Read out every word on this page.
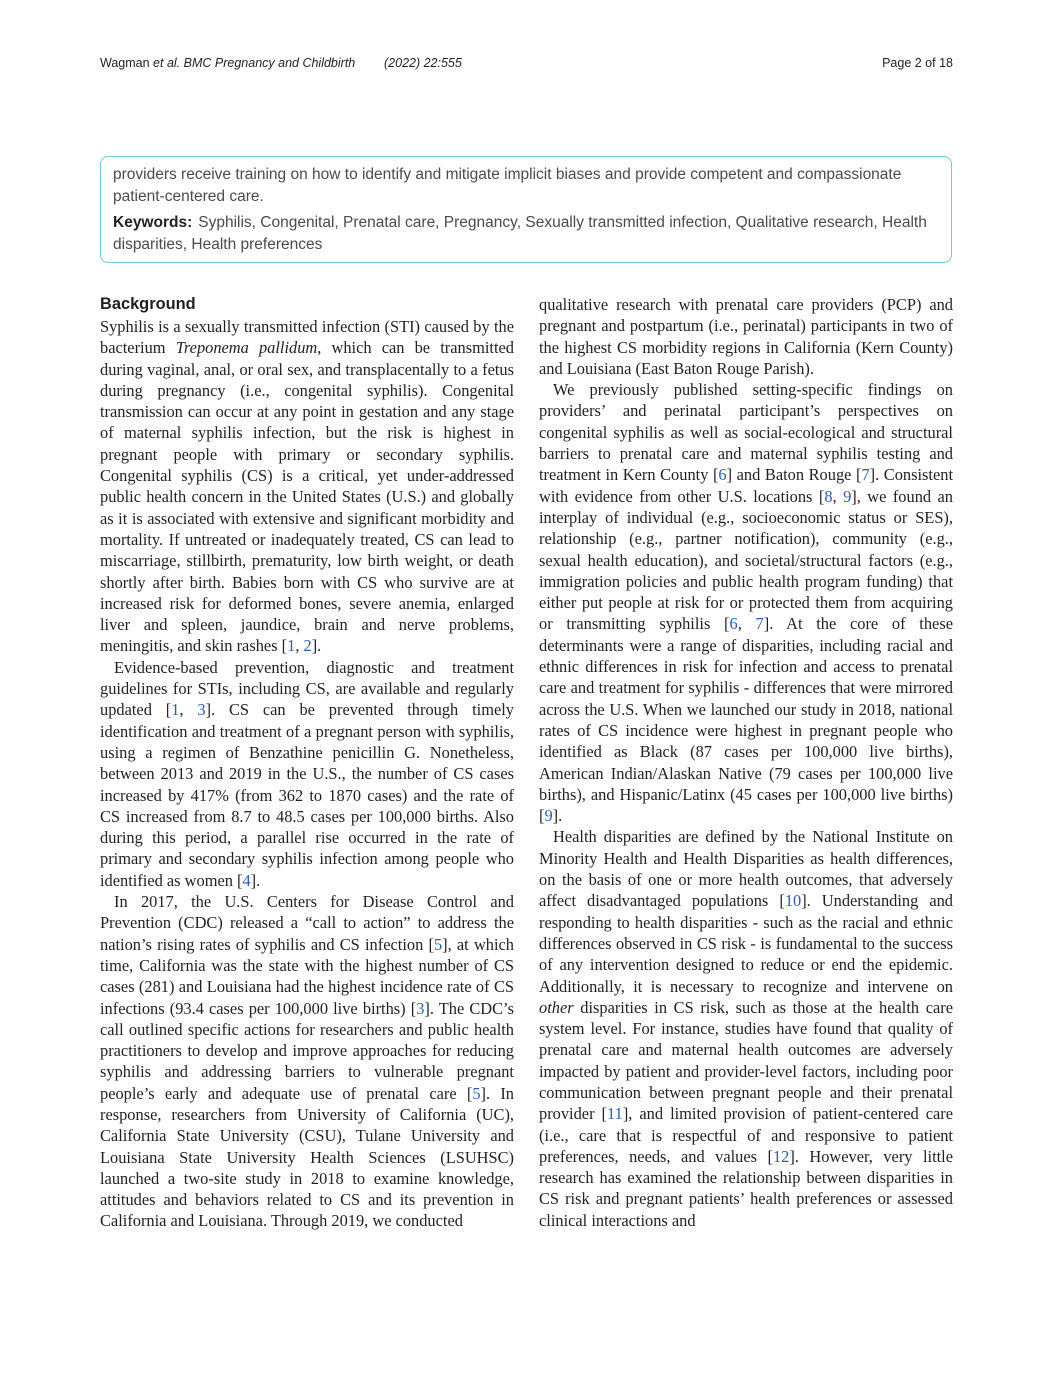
Wagman et al. BMC Pregnancy and Childbirth (2022) 22:555	Page 2 of 18

providers receive training on how to identify and mitigate implicit biases and provide competent and compassionate patient-centered care.

Keywords: Syphilis, Congenital, Prenatal care, Pregnancy, Sexually transmitted infection, Qualitative research, Health disparities, Health preferences

Background

Syphilis is a sexually transmitted infection (STI) caused by the bacterium Treponema pallidum, which can be transmitted during vaginal, anal, or oral sex, and transplacentally to a fetus during pregnancy (i.e., congenital syphilis). Congenital transmission can occur at any point in gestation and any stage of maternal syphilis infection, but the risk is highest in pregnant people with primary or secondary syphilis. Congenital syphilis (CS) is a critical, yet under-addressed public health concern in the United States (U.S.) and globally as it is associated with extensive and significant morbidity and mortality. If untreated or inadequately treated, CS can lead to miscarriage, stillbirth, prematurity, low birth weight, or death shortly after birth. Babies born with CS who survive are at increased risk for deformed bones, severe anemia, enlarged liver and spleen, jaundice, brain and nerve problems, meningitis, and skin rashes [1, 2].

Evidence-based prevention, diagnostic and treatment guidelines for STIs, including CS, are available and regularly updated [1, 3]. CS can be prevented through timely identification and treatment of a pregnant person with syphilis, using a regimen of Benzathine penicillin G. Nonetheless, between 2013 and 2019 in the U.S., the number of CS cases increased by 417% (from 362 to 1870 cases) and the rate of CS increased from 8.7 to 48.5 cases per 100,000 births. Also during this period, a parallel rise occurred in the rate of primary and secondary syphilis infection among people who identified as women [4].

In 2017, the U.S. Centers for Disease Control and Prevention (CDC) released a “call to action” to address the nation’s rising rates of syphilis and CS infection [5], at which time, California was the state with the highest number of CS cases (281) and Louisiana had the highest incidence rate of CS infections (93.4 cases per 100,000 live births) [3]. The CDC’s call outlined specific actions for researchers and public health practitioners to develop and improve approaches for reducing syphilis and addressing barriers to vulnerable pregnant people’s early and adequate use of prenatal care [5]. In response, researchers from University of California (UC), California State University (CSU), Tulane University and Louisiana State University Health Sciences (LSUHSC) launched a two-site study in 2018 to examine knowledge, attitudes and behaviors related to CS and its prevention in California and Louisiana. Through 2019, we conducted

qualitative research with prenatal care providers (PCP) and pregnant and postpartum (i.e., perinatal) participants in two of the highest CS morbidity regions in California (Kern County) and Louisiana (East Baton Rouge Parish).

We previously published setting-specific findings on providers’ and perinatal participant’s perspectives on congenital syphilis as well as social-ecological and structural barriers to prenatal care and maternal syphilis testing and treatment in Kern County [6] and Baton Rouge [7]. Consistent with evidence from other U.S. locations [8, 9], we found an interplay of individual (e.g., socioeconomic status or SES), relationship (e.g., partner notification), community (e.g., sexual health education), and societal/structural factors (e.g., immigration policies and public health program funding) that either put people at risk for or protected them from acquiring or transmitting syphilis [6, 7]. At the core of these determinants were a range of disparities, including racial and ethnic differences in risk for infection and access to prenatal care and treatment for syphilis - differences that were mirrored across the U.S. When we launched our study in 2018, national rates of CS incidence were highest in pregnant people who identified as Black (87 cases per 100,000 live births), American Indian/Alaskan Native (79 cases per 100,000 live births), and Hispanic/Latinx (45 cases per 100,000 live births) [9].

Health disparities are defined by the National Institute on Minority Health and Health Disparities as health differences, on the basis of one or more health outcomes, that adversely affect disadvantaged populations [10]. Understanding and responding to health disparities - such as the racial and ethnic differences observed in CS risk - is fundamental to the success of any intervention designed to reduce or end the epidemic. Additionally, it is necessary to recognize and intervene on other disparities in CS risk, such as those at the health care system level. For instance, studies have found that quality of prenatal care and maternal health outcomes are adversely impacted by patient and provider-level factors, including poor communication between pregnant people and their prenatal provider [11], and limited provision of patient-centered care (i.e., care that is respectful of and responsive to patient preferences, needs, and values [12]. However, very little research has examined the relationship between disparities in CS risk and pregnant patients’ health preferences or assessed clinical interactions and
